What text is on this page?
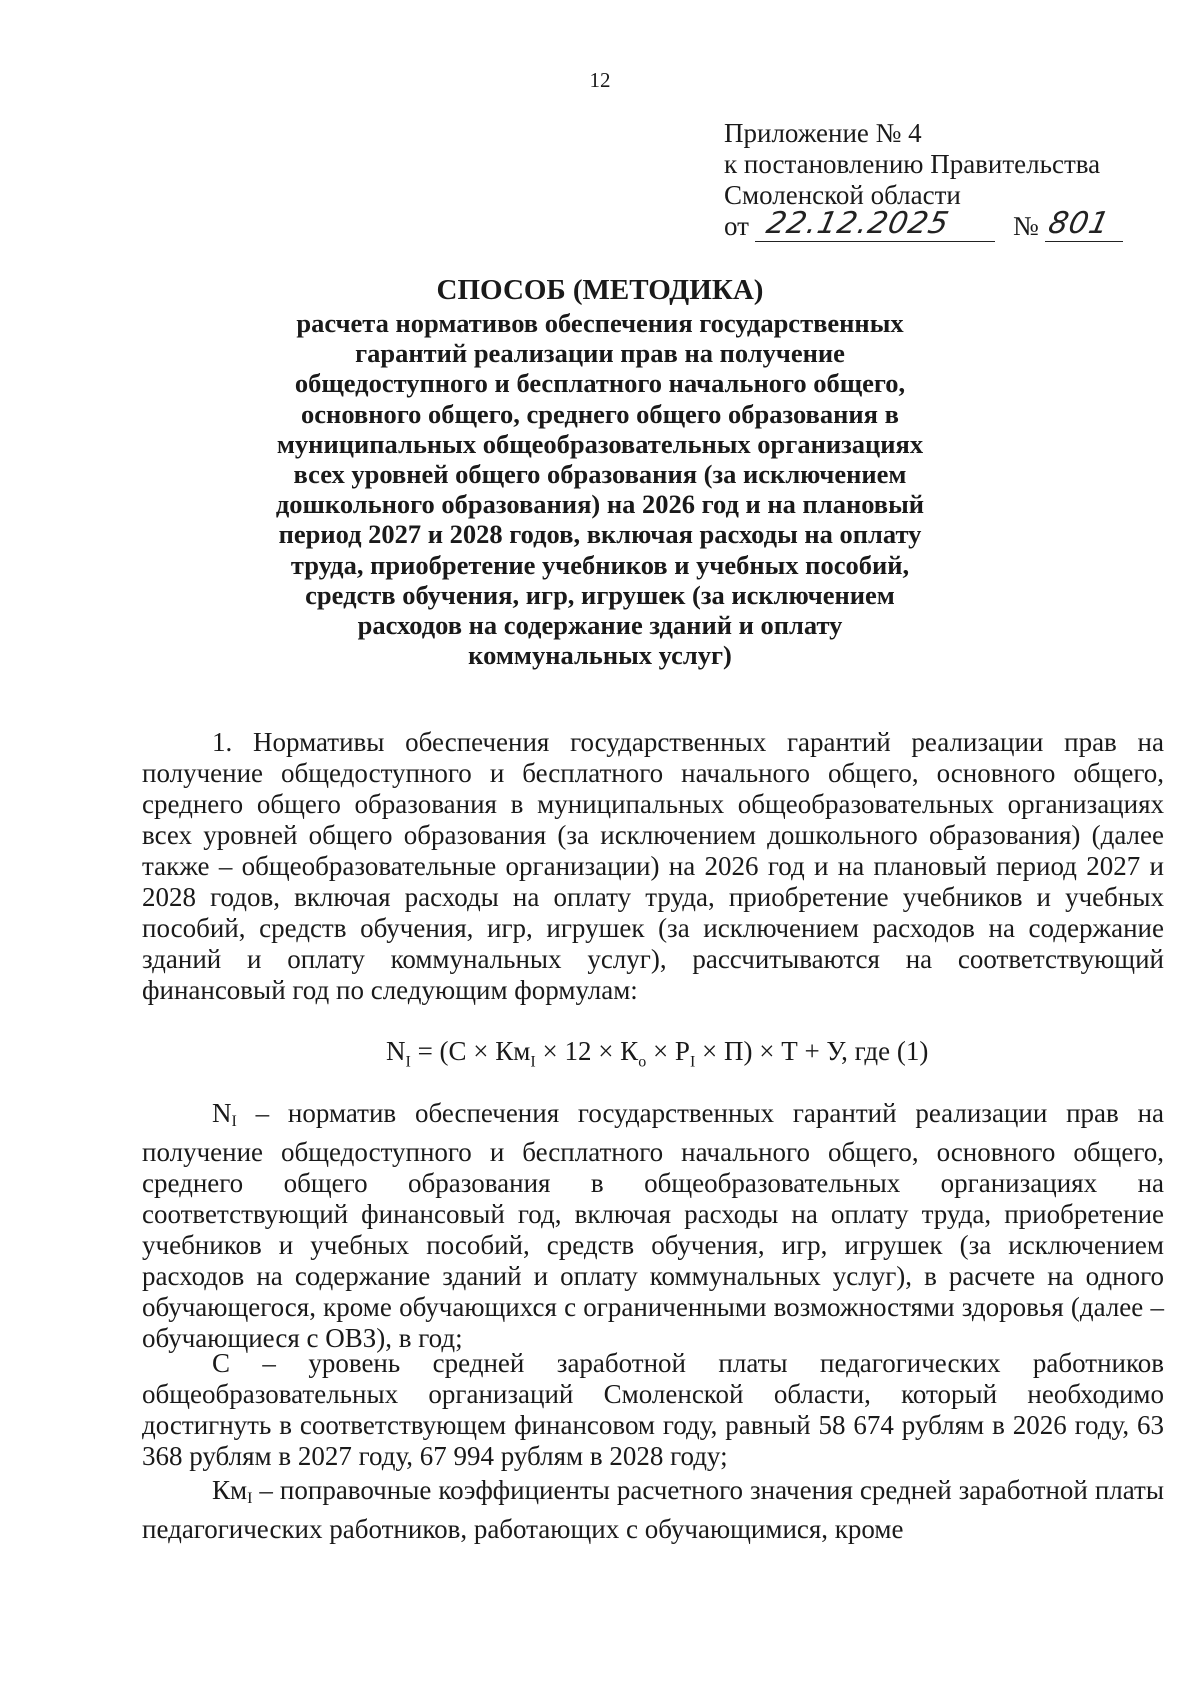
12
Приложение № 4
к постановлению Правительства
Смоленской области
от 22.12.2025 № 801
СПОСОБ (МЕТОДИКА)
расчета нормативов обеспечения государственных
гарантий реализации прав на получение
общедоступного и бесплатного начального общего,
основного общего, среднего общего образования в
муниципальных общеобразовательных организациях
всех уровней общего образования (за исключением
дошкольного образования) на 2026 год и на плановый
период 2027 и 2028 годов, включая расходы на оплату
труда, приобретение учебников и учебных пособий,
средств обучения, игр, игрушек (за исключением
расходов на содержание зданий и оплату
коммунальных услуг)

1. Нормативы обеспечения государственных гарантий реализации прав на получение общедоступного и бесплатного начального общего, основного общего, среднего общего образования в муниципальных общеобразовательных организациях всех уровней общего образования (за исключением дошкольного образования) (далее также – общеобразовательные организации) на 2026 год и на плановый период 2027 и 2028 годов, включая расходы на оплату труда, приобретение учебников и учебных пособий, средств обучения, игр, игрушек (за исключением расходов на содержание зданий и оплату коммунальных услуг), рассчитываются на соответствующий финансовый год по следующим формулам:

$N_I = (С \times Км_I \times 12 \times К_о \times Р_I \times П) \times Т + У$, где (1)

$N_I$ – норматив обеспечения государственных гарантий реализации прав на получение общедоступного и бесплатного начального общего, основного общего, среднего общего образования в общеобразовательных организациях на соответствующий финансовый год, включая расходы на оплату труда, приобретение учебников и учебных пособий, средств обучения, игр, игрушек (за исключением расходов на содержание зданий и оплату коммунальных услуг), в расчете на одного обучающегося, кроме обучающихся с ограниченными возможностями здоровья (далее – обучающиеся с ОВЗ), в год;

С – уровень средней заработной платы педагогических работников общеобразовательных организаций Смоленской области, который необходимо достигнуть в соответствующем финансовом году, равный 58 674 рублям в 2026 году, 63 368 рублям в 2027 году, 67 994 рублям в 2028 году;

$Км_I$ – поправочные коэффициенты расчетного значения средней заработной платы педагогических работников, работающих с обучающимися, кроме
